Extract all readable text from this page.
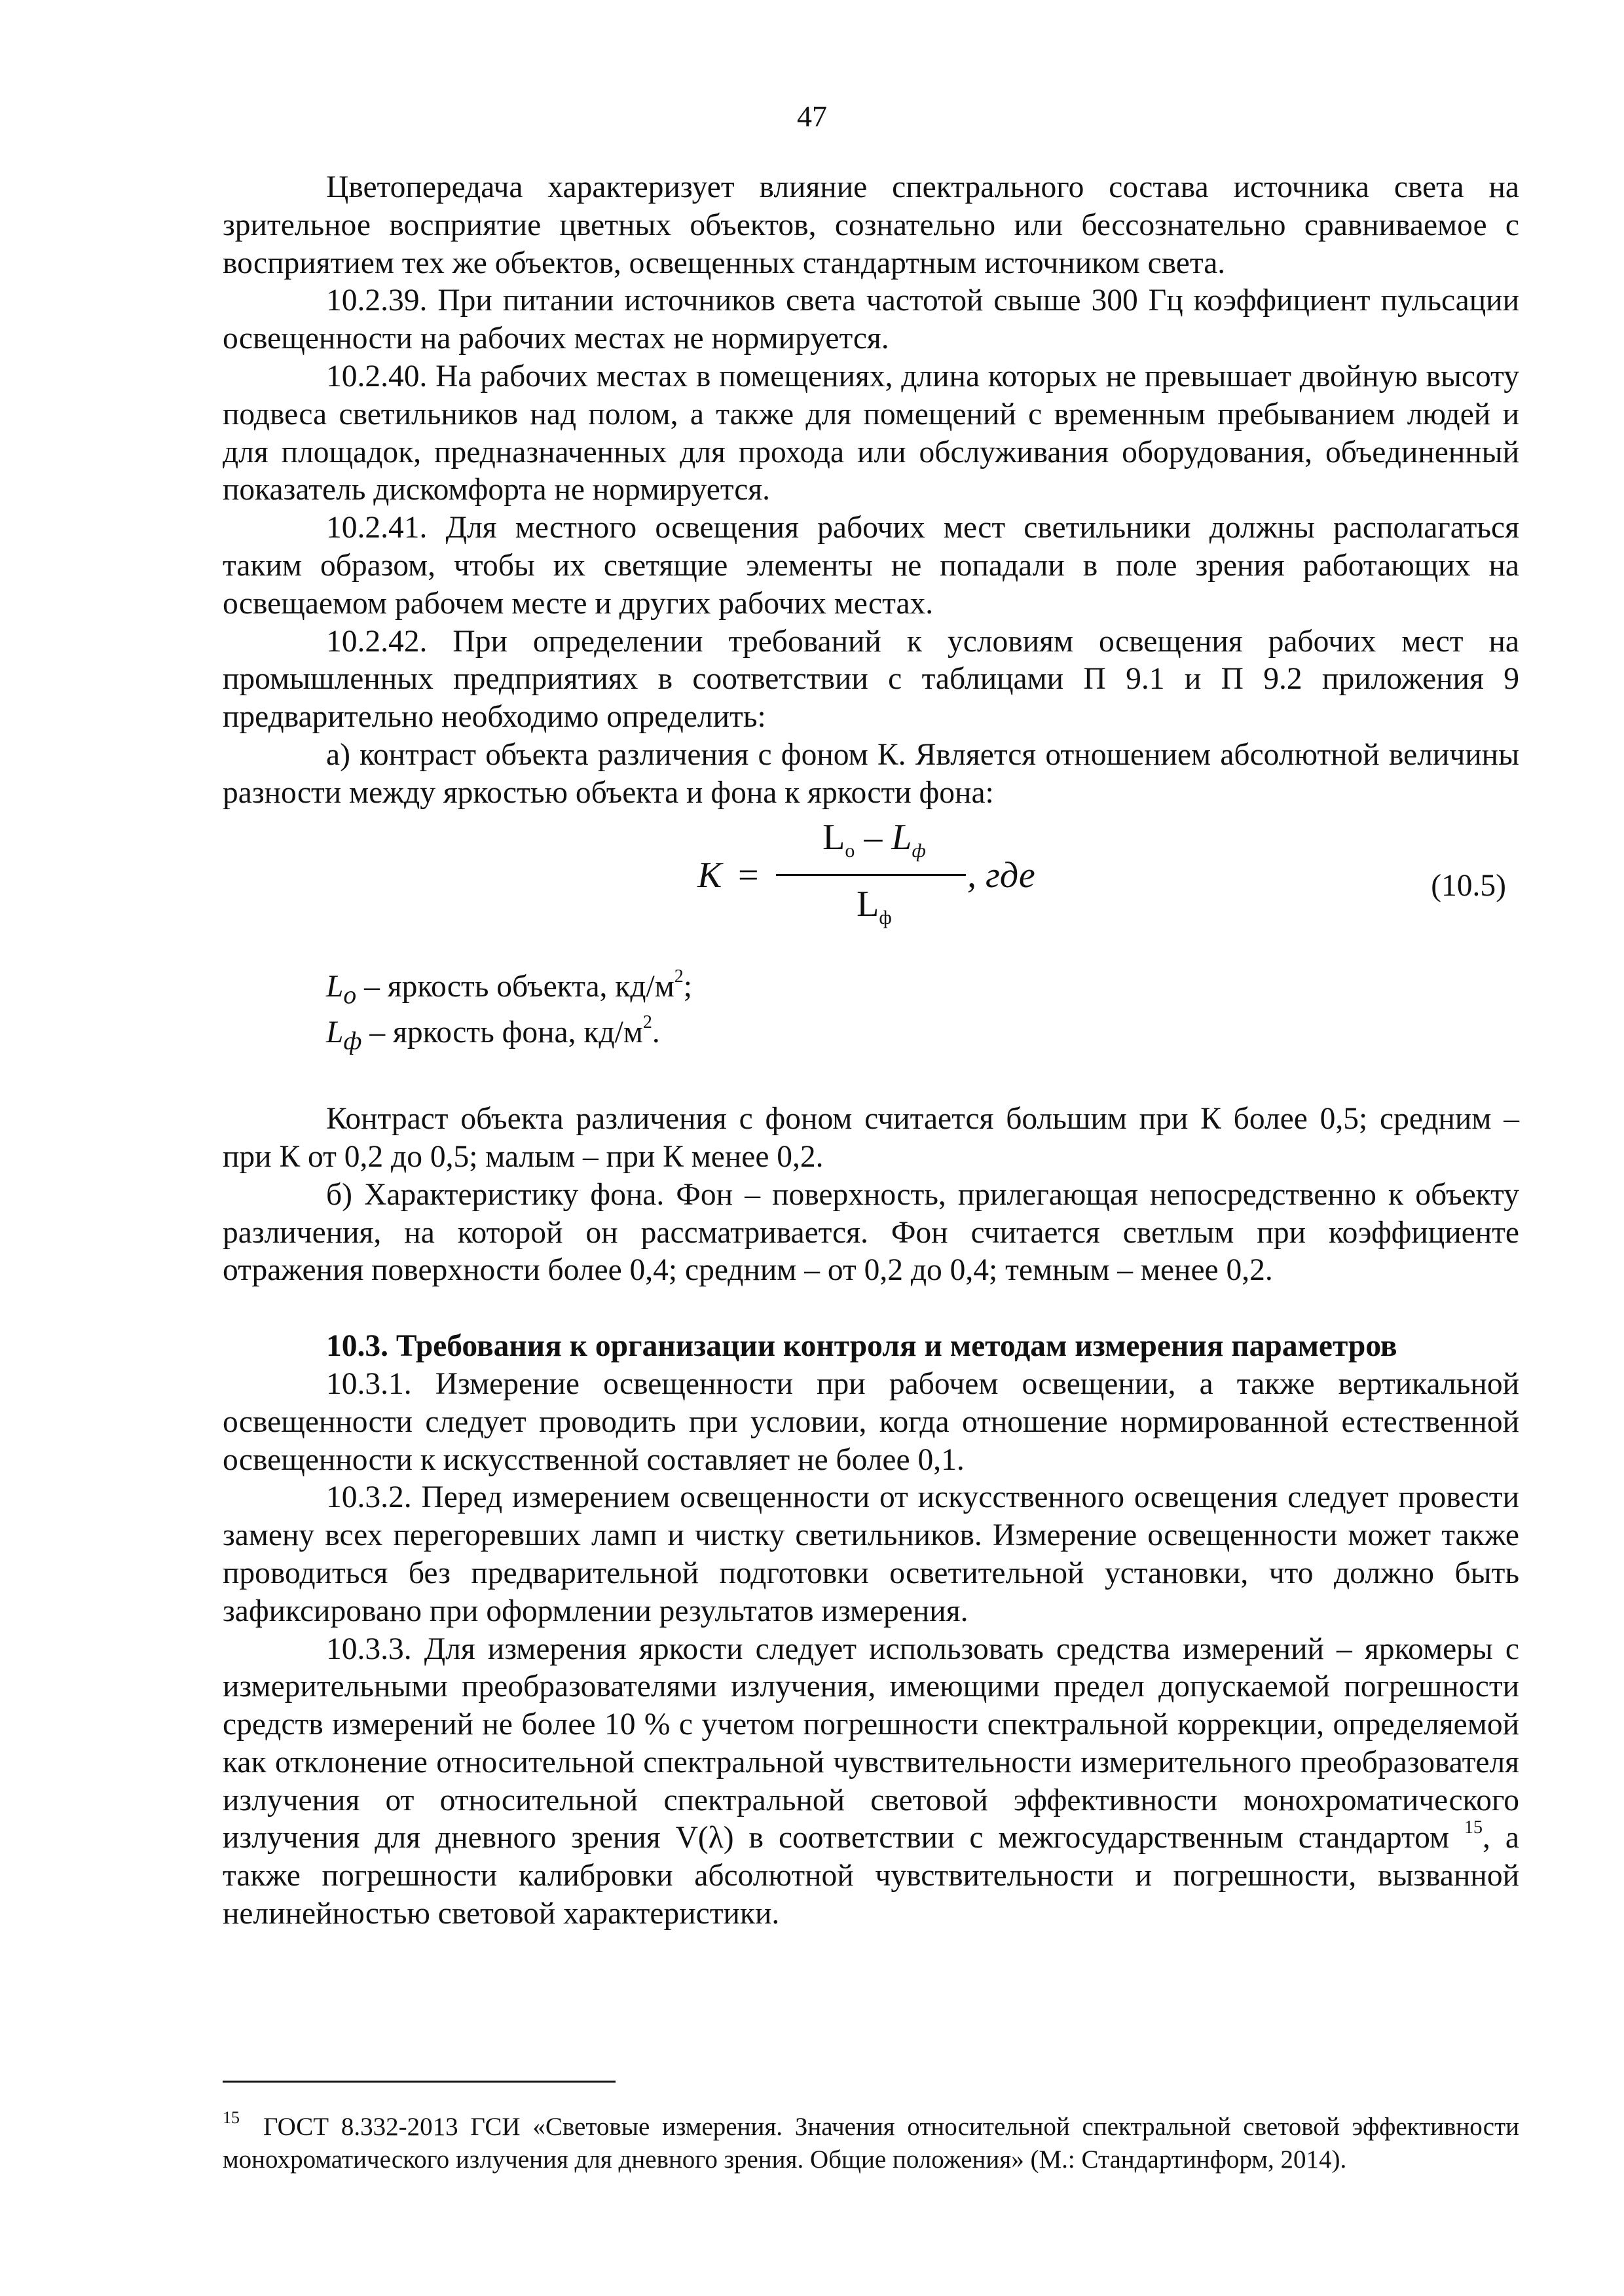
47

Цветопередача характеризует влияние спектрального состава источника света на зрительное восприятие цветных объектов, сознательно или бессознательно сравниваемое с восприятием тех же объектов, освещенных стандартным источником света.

10.2.39. При питании источников света частотой свыше 300 Гц коэффициент пульсации освещенности на рабочих местах не нормируется.

10.2.40. На рабочих местах в помещениях, длина которых не превышает двойную высоту подвеса светильников над полом, а также для помещений с временным пребыванием людей и для площадок, предназначенных для прохода или обслуживания оборудования, объединенный показатель дискомфорта не нормируется.

10.2.41. Для местного освещения рабочих мест светильники должны располагаться таким образом, чтобы их светящие элементы не попадали в поле зрения работающих на освещаемом рабочем месте и других рабочих местах.

10.2.42. При определении требований к условиям освещения рабочих мест на промышленных предприятиях в соответствии с таблицами П 9.1 и П 9.2 приложения 9 предварительно необходимо определить:

а) контраст объекта различения с фоном К. Является отношением абсолютной величины разности между яркостью объекта и фона к яркости фона:

К =
$L_о - L_ф$
$L_ф$
, где	(10.5)

$L_о$ – яркость объекта, кд/м$^2$;

$L_ф$ – яркость фона, кд/м$^2$.

Контраст объекта различения с фоном считается большим при К более 0,5; средним – при К от 0,2 до 0,5; малым – при К менее 0,2.

б) Характеристику фона. Фон – поверхность, прилегающая непосредственно к объекту различения, на которой он рассматривается. Фон считается светлым при коэффициенте отражения поверхности более 0,4; средним – от 0,2 до 0,4; темным – менее 0,2.

10.3. Требования к организации контроля и методам измерения параметров

10.3.1. Измерение освещенности при рабочем освещении, а также вертикальной освещенности следует проводить при условии, когда отношение нормированной естественной освещенности к искусственной составляет не более 0,1.

10.3.2. Перед измерением освещенности от искусственного освещения следует провести замену всех перегоревших ламп и чистку светильников. Измерение освещенности может также проводиться без предварительной подготовки осветительной установки, что должно быть зафиксировано при оформлении результатов измерения.

10.3.3. Для измерения яркости следует использовать средства измерений – яркомеры с измерительными преобразователями излучения, имеющими предел допускаемой погрешности средств измерений не более 10 % с учетом погрешности спектральной коррекции, определяемой как отклонение относительной спектральной чувствительности измерительного преобразователя излучения от относительной спектральной световой эффективности монохроматического излучения для дневного зрения V(λ) в соответствии с межгосударственным стандартом $^{15}$, а также погрешности калибровки абсолютной чувствительности и погрешности, вызванной нелинейностью световой характеристики.

$^{15}$ ГОСТ 8.332-2013 ГСИ «Световые измерения. Значения относительной спектральной световой эффективности монохроматического излучения для дневного зрения. Общие положения» (М.: Стандартинформ, 2014).
